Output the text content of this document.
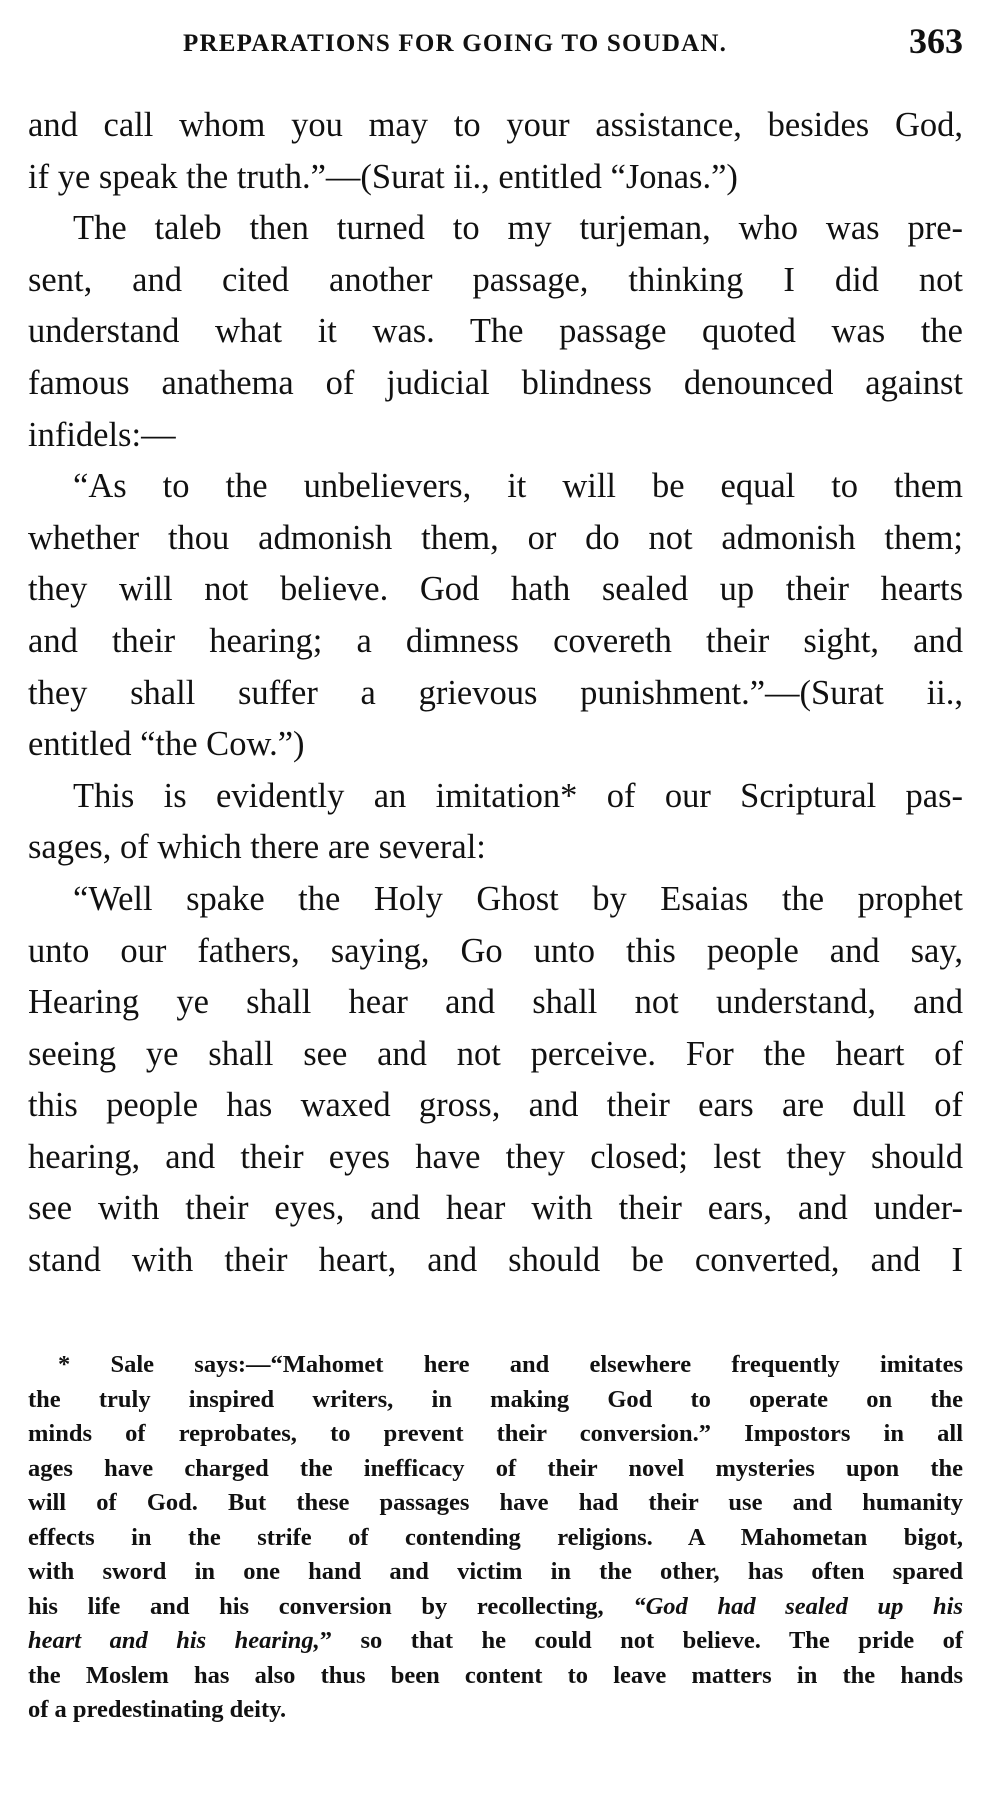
PREPARATIONS FOR GOING TO SOUDAN.	363
and call whom you may to your assistance, besides God,
if ye speak the truth.”—(Surat ii., entitled “Jonas.”)
The taleb then turned to my turjeman, who was pre-
sent, and cited another passage, thinking I did not
understand what it was. The passage quoted was the
famous anathema of judicial blindness denounced against
infidels:—
“As to the unbelievers, it will be equal to them
whether thou admonish them, or do not admonish them;
they will not believe. God hath sealed up their hearts
and their hearing; a dimness covereth their sight, and
they shall suffer a grievous punishment.”—(Surat ii.,
entitled “the Cow.”)
This is evidently an imitation* of our Scriptural pas-
sages, of which there are several:
“Well spake the Holy Ghost by Esaias the prophet
unto our fathers, saying, Go unto this people and say,
Hearing ye shall hear and shall not understand, and
seeing ye shall see and not perceive. For the heart of
this people has waxed gross, and their ears are dull of
hearing, and their eyes have they closed; lest they should
see with their eyes, and hear with their ears, and under-
stand with their heart, and should be converted, and I
* Sale says:—“Mahomet here and elsewhere frequently imitates
the truly inspired writers, in making God to operate on the
minds of reprobates, to prevent their conversion.” Impostors in all
ages have charged the inefficacy of their novel mysteries upon the
will of God. But these passages have had their use and humanity
effects in the strife of contending religions. A Mahometan bigot,
with sword in one hand and victim in the other, has often spared
his life and his conversion by recollecting, “God had sealed up his
heart and his hearing,” so that he could not believe. The pride of
the Moslem has also thus been content to leave matters in the hands
of a predestinating deity.
